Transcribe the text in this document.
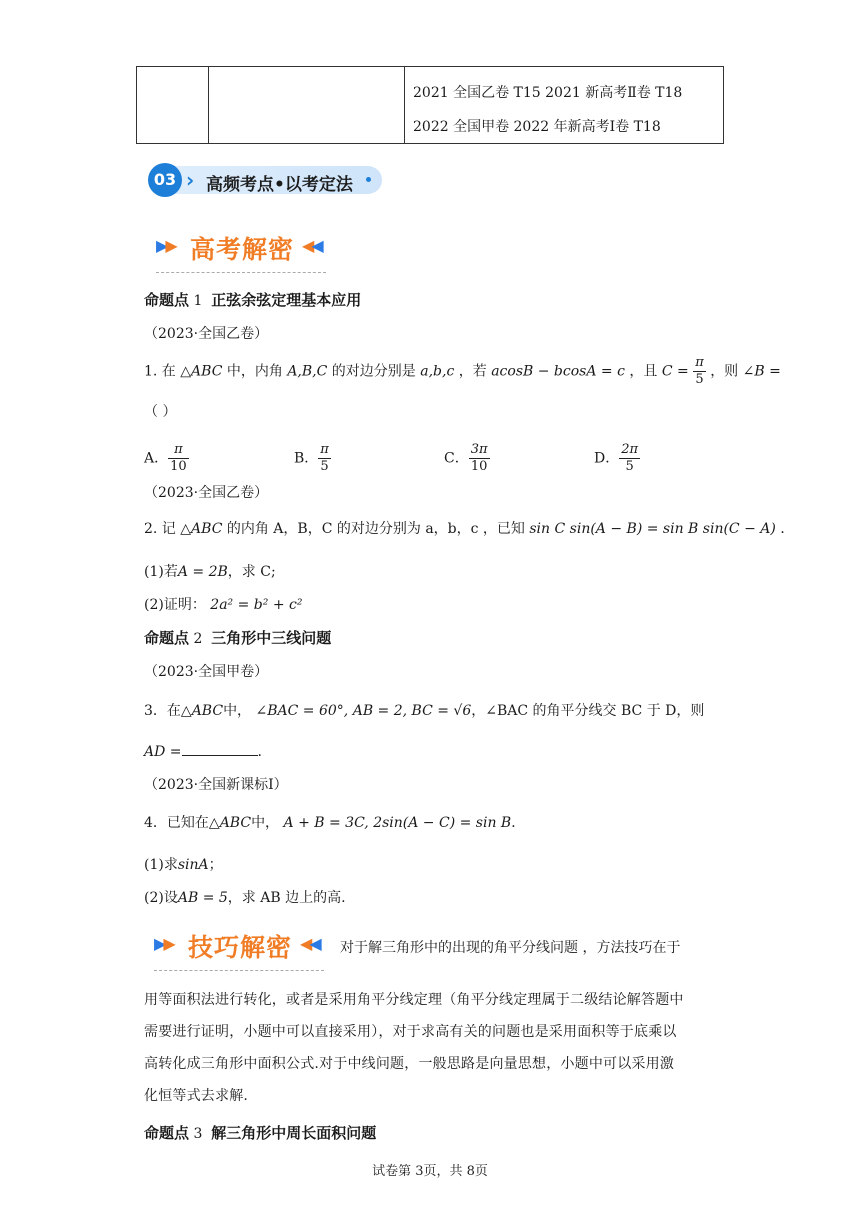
2021 全国乙卷 T15 2021 新高考Ⅱ卷 T18
2022 全国甲卷 2022 年新高考Ⅰ卷 T18
03 › 高频考点•以考定法
▶▶ 高考解密 ◀◀
命题点 1 正弦余弦定理基本应用
（2023·全国乙卷）
1. 在 △ABC 中，内角 A,B,C 的对边分别是 a,b,c ，若 acosB − bcosA = c ，且 $C = \frac{\pi}{5}$ ，则 ∠B =
（ ）
A． $\frac{\pi}{10}$	B． $\frac{\pi}{5}$	C． $\frac{3\pi}{10}$	D． $\frac{2\pi}{5}$
（2023·全国乙卷）
2. 记 △ABC 的内角 A，B，C 的对边分别为 a，b，c ，已知 sin C sin(A − B) = sin B sin(C − A) ．
(1)若A = 2B，求 C;
(2)证明： 2a² = b² + c²
命题点 2 三角形中三线问题
（2023·全国甲卷）
3．在△ABC中， ∠BAC = 60°, AB = 2, BC = √6，∠BAC 的角平分线交 BC 于 D，则
AD =	.
（2023·全国新课标I）
4．已知在△ABC中， A + B = 3C, 2sin(A − C) = sin B．
(1)求sinA；
(2)设AB = 5，求 AB 边上的高.
▶▶ 技巧解密 ◀◀ 对于解三角形中的出现的角平分线问题 ，方法技巧在于
用等面积法进行转化，或者是采用角平分线定理（角平分线定理属于二级结论解答题中
需要进行证明，小题中可以直接采用），对于求高有关的问题也是采用面积等于底乘以
高转化成三角形中面积公式.对于中线问题，一般思路是向量思想，小题中可以采用激
化恒等式去求解.
命题点 3 解三角形中周长面积问题
试卷第 3页，共 8页
